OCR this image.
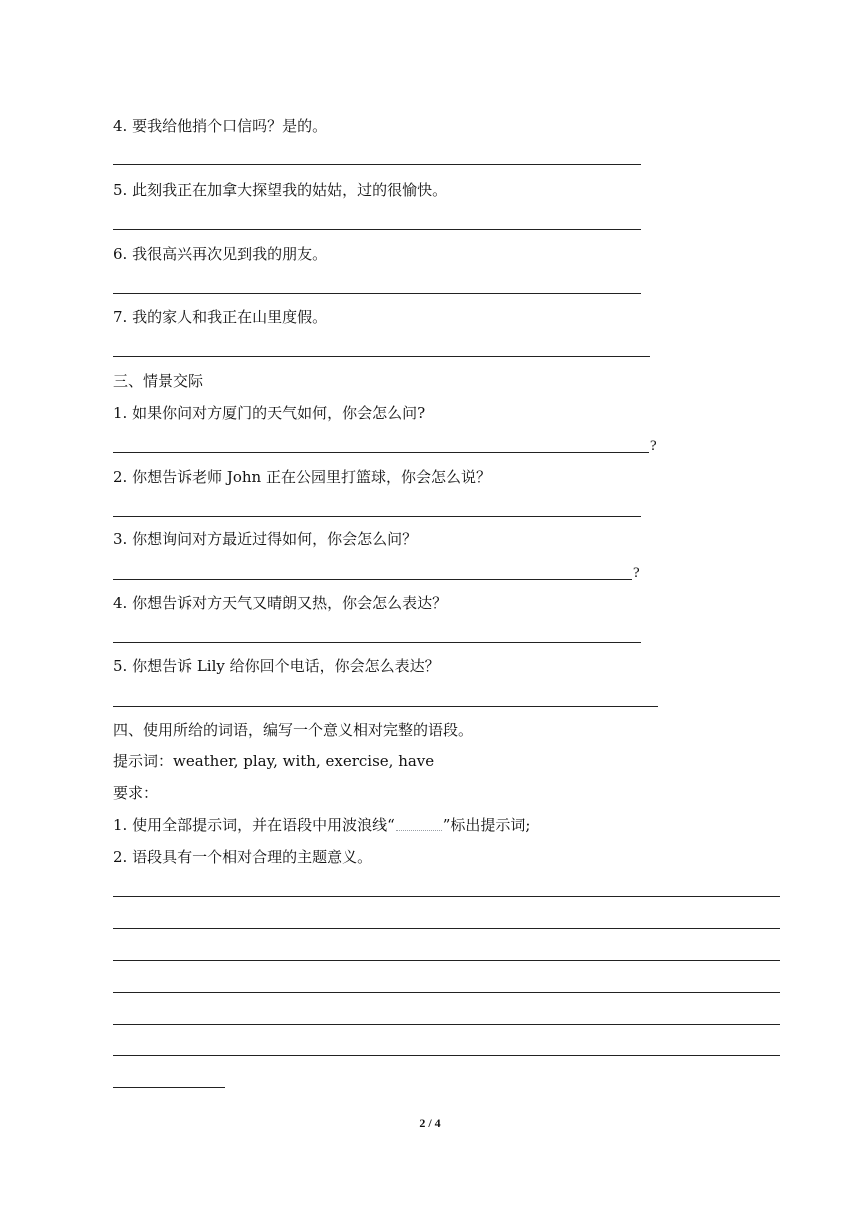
4. 要我给他捎个口信吗？是的。

5. 此刻我正在加拿大探望我的姑姑，过的很愉快。

6. 我很高兴再次见到我的朋友。

7. 我的家人和我正在山里度假。

三、情景交际

1. 如果你问对方厦门的天气如何，你会怎么问?

?

2. 你想告诉老师 John 正在公园里打篮球，你会怎么说？

3. 你想询问对方最近过得如何，你会怎么问？

?

4. 你想告诉对方天气又晴朗又热，你会怎么表达？

5. 你想告诉 Lily 给你回个电话，你会怎么表达？

四、使用所给的词语，编写一个意义相对完整的语段。

提示词：weather, play, with, exercise, have

要求：

1. 使用全部提示词，并在语段中用波浪线“	”标出提示词;

2. 语段具有一个相对合理的主题意义。

2 / 4
